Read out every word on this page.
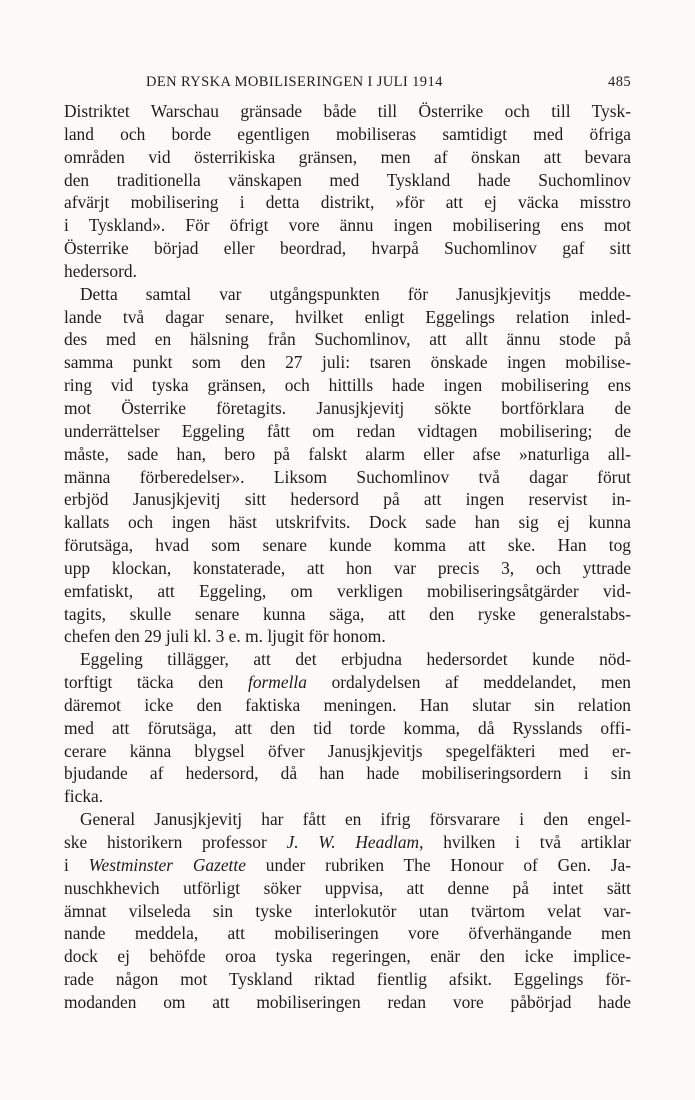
DEN RYSKA MOBILISERINGEN I JULI 1914	485
Distriktet Warschau gränsade både till Österrike och till Tysk-
land och borde egentligen mobiliseras samtidigt med öfriga
områden vid österrikiska gränsen, men af önskan att bevara
den traditionella vänskapen med Tyskland hade Suchomlinov
afvärjt mobilisering i detta distrikt, »för att ej väcka misstro
i Tyskland». För öfrigt vore ännu ingen mobilisering ens mot
Österrike börjad eller beordrad, hvarpå Suchomlinov gaf sitt
hedersord.
Detta samtal var utgångspunkten för Janusjkjevitjs medde-
lande två dagar senare, hvilket enligt Eggelings relation inled-
des med en hälsning från Suchomlinov, att allt ännu stode på
samma punkt som den 27 juli: tsaren önskade ingen mobilise-
ring vid tyska gränsen, och hittills hade ingen mobilisering ens
mot Österrike företagits. Janusjkjevitj sökte bortförklara de
underrättelser Eggeling fått om redan vidtagen mobilisering; de
måste, sade han, bero på falskt alarm eller afse »naturliga all-
männa förberedelser». Liksom Suchomlinov två dagar förut
erbjöd Janusjkjevitj sitt hedersord på att ingen reservist in-
kallats och ingen häst utskrifvits. Dock sade han sig ej kunna
förutsäga, hvad som senare kunde komma att ske. Han tog
upp klockan, konstaterade, att hon var precis 3, och yttrade
emfatiskt, att Eggeling, om verkligen mobiliseringsåtgärder vid-
tagits, skulle senare kunna säga, att den ryske generalstabs-
chefen den 29 juli kl. 3 e. m. ljugit för honom.
Eggeling tillägger, att det erbjudna hedersordet kunde nöd-
torftigt täcka den formella ordalydelsen af meddelandet, men
däremot icke den faktiska meningen. Han slutar sin relation
med att förutsäga, att den tid torde komma, då Rysslands offi-
cerare känna blygsel öfver Janusjkjevitjs spegelfäkteri med er-
bjudande af hedersord, då han hade mobiliseringsordern i sin
ficka.
General Janusjkjevitj har fått en ifrig försvarare i den engel-
ske historikern professor J. W. Headlam, hvilken i två artiklar
i Westminster Gazette under rubriken The Honour of Gen. Ja-
nuschkhevich utförligt söker uppvisa, att denne på intet sätt
ämnat vilseleda sin tyske interlokutör utan tvärtom velat var-
nande meddela, att mobiliseringen vore öfverhängande men
dock ej behöfde oroa tyska regeringen, enär den icke implice-
rade någon mot Tyskland riktad fientlig afsikt. Eggelings för-
modanden om att mobiliseringen redan vore påbörjad hade
